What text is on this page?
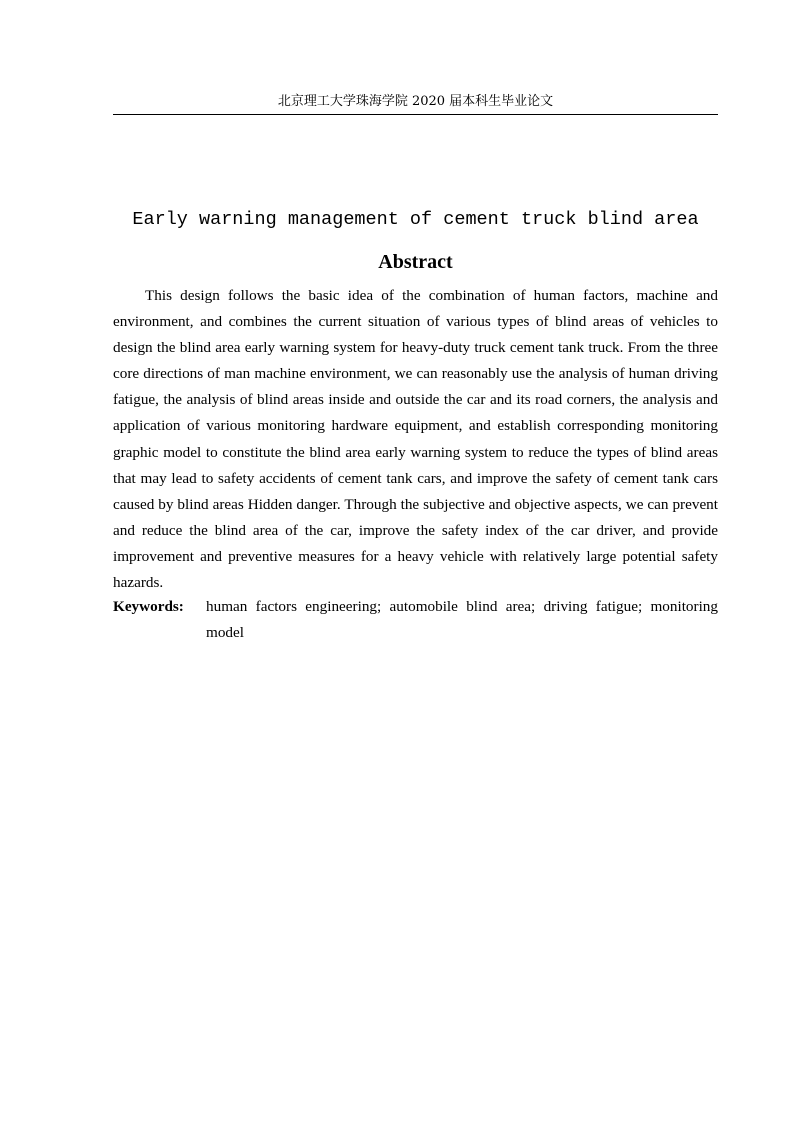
北京理工大学珠海学院 2020 届本科生毕业论文
Early warning management of cement truck blind area
Abstract

This design follows the basic idea of the combination of human factors, machine and environment, and combines the current situation of various types of blind areas of vehicles to design the blind area early warning system for heavy-duty truck cement tank truck. From the three core directions of man machine environment, we can reasonably use the analysis of human driving fatigue, the analysis of blind areas inside and outside the car and its road corners, the analysis and application of various monitoring hardware equipment, and establish corresponding monitoring graphic model to constitute the blind area early warning system to reduce the types of blind areas that may lead to safety accidents of cement tank cars, and improve the safety of cement tank cars caused by blind areas Hidden danger. Through the subjective and objective aspects, we can prevent and reduce the blind area of the car, improve the safety index of the car driver, and provide improvement and preventive measures for a heavy vehicle with relatively large potential safety hazards.

Keywords: human factors engineering; automobile blind area; driving fatigue; monitoring model
